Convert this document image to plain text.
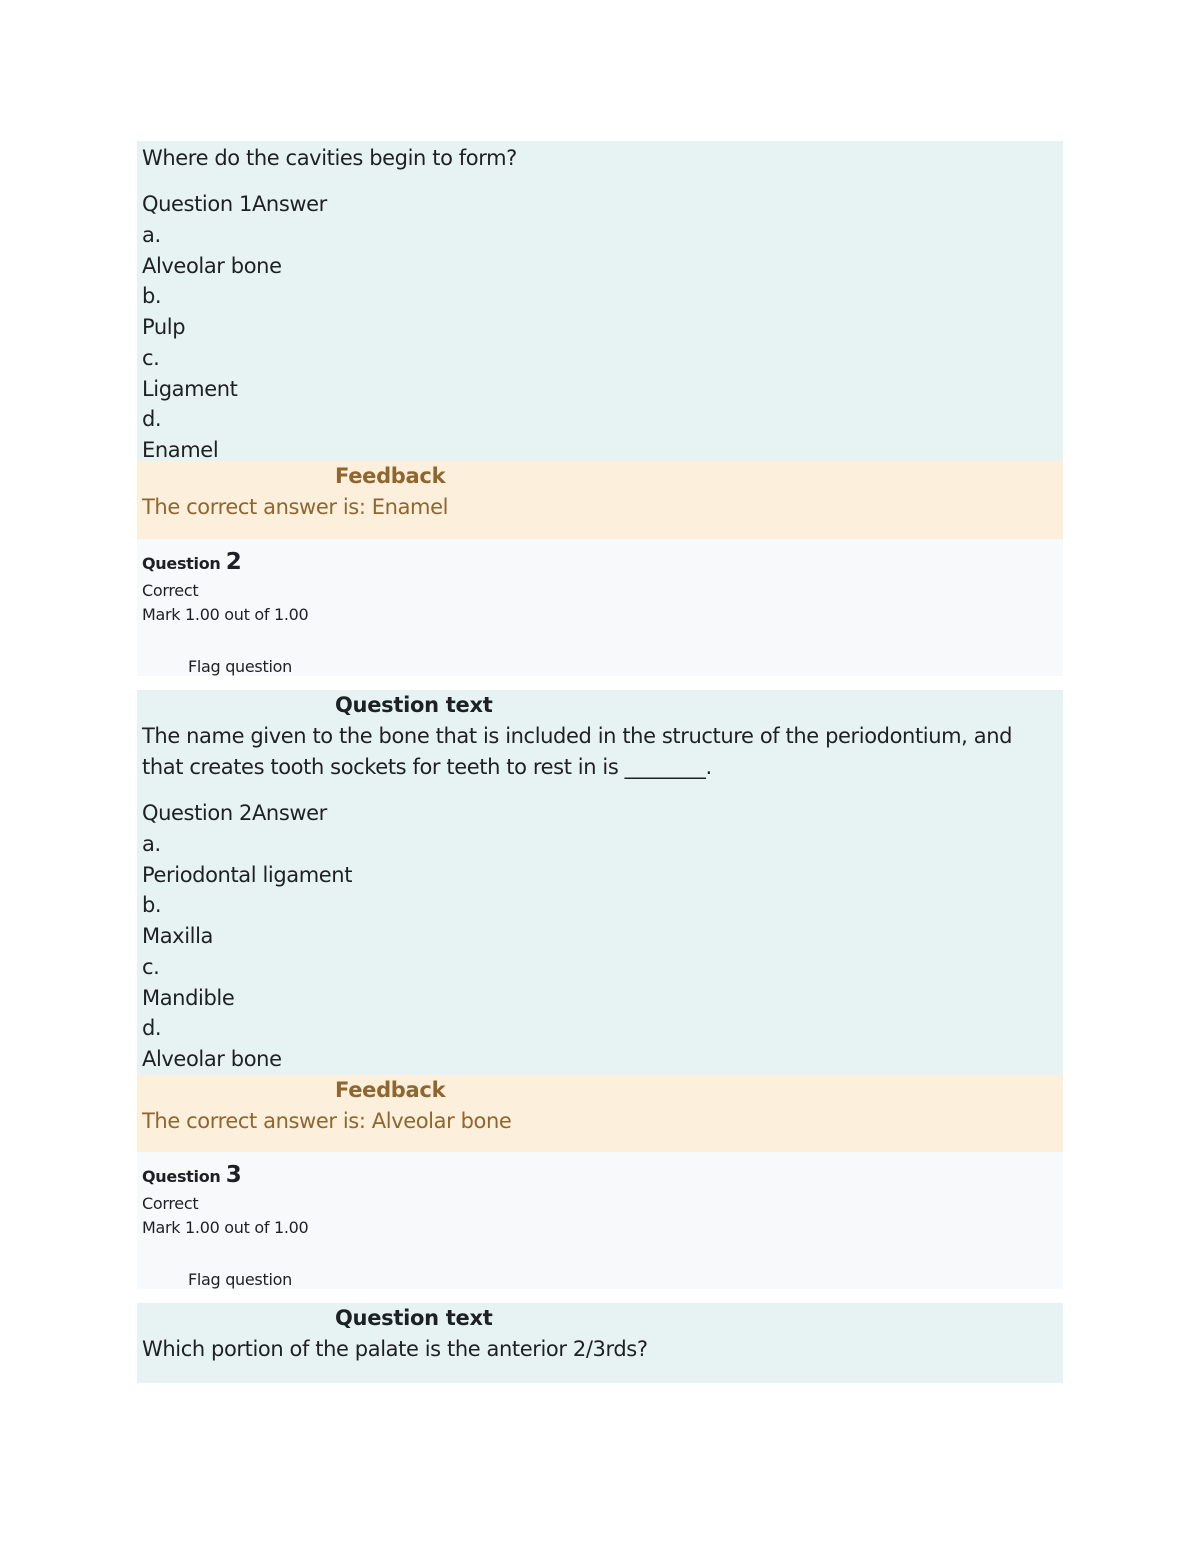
Where do the cavities begin to form?
Question 1Answer
a.
Alveolar bone
b.
Pulp
c.
Ligament
d.
Enamel
Feedback
The correct answer is: Enamel
Question 2
Correct
Mark 1.00 out of 1.00
Flag question
Question text
The name given to the bone that is included in the structure of the periodontium, and that creates tooth sockets for teeth to rest in is ________.
Question 2Answer
a.
Periodontal ligament
b.
Maxilla
c.
Mandible
d.
Alveolar bone
Feedback
The correct answer is: Alveolar bone
Question 3
Correct
Mark 1.00 out of 1.00
Flag question
Question text
Which portion of the palate is the anterior 2/3rds?
